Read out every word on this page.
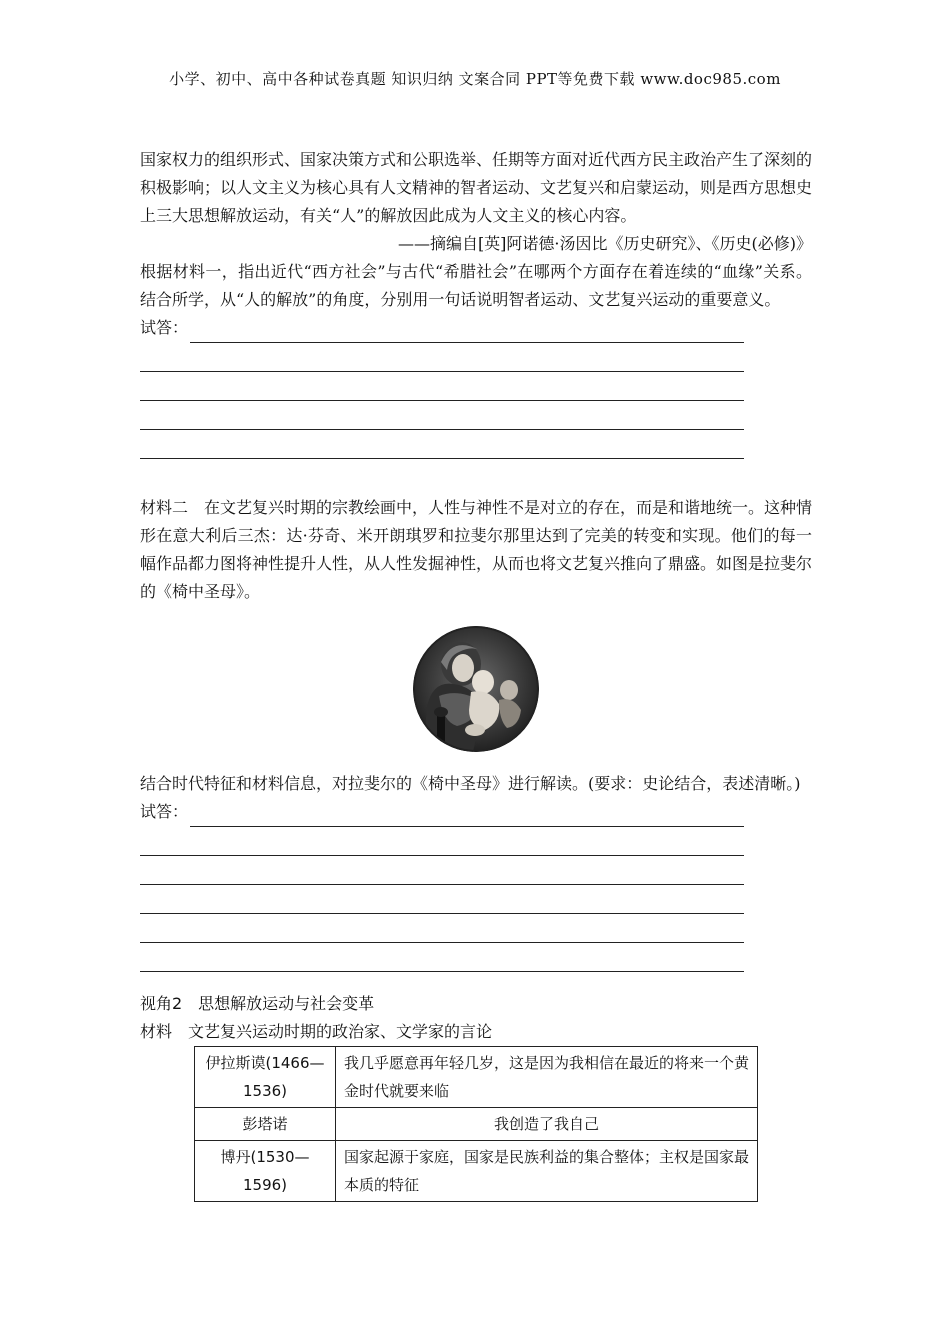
小学、初中、高中各种试卷真题 知识归纳 文案合同 PPT等免费下载 www.doc985.com

国家权力的组织形式、国家决策方式和公职选举、任期等方面对近代西方民主政治产生了深刻的积极影响；以人文主义为核心具有人文精神的智者运动、文艺复兴和启蒙运动，则是西方思想史上三大思想解放运动，有关“人”的解放因此成为人文主义的核心内容。

——摘编自[英]阿诺德·汤因比《历史研究》、《历史(必修)》

根据材料一，指出近代“西方社会”与古代“希腊社会”在哪两个方面存在着连续的“血缘”关系。结合所学，从“人的解放”的角度，分别用一句话说明智者运动、文艺复兴运动的重要意义。

试答：

材料二　在文艺复兴时期的宗教绘画中，人性与神性不是对立的存在，而是和谐地统一。这种情形在意大利后三杰：达·芬奇、米开朗琪罗和拉斐尔那里达到了完美的转变和实现。他们的每一幅作品都力图将神性提升人性，从人性发掘神性，从而也将文艺复兴推向了鼎盛。如图是拉斐尔的《椅中圣母》。

结合时代特征和材料信息，对拉斐尔的《椅中圣母》进行解读。(要求：史论结合，表述清晰。)

试答：

视角2　思想解放运动与社会变革

材料　文艺复兴运动时期的政治家、文学家的言论

伊拉斯谟(1466—1536)	我几乎愿意再年轻几岁，这是因为我相信在最近的将来一个黄金时代就要来临
彭塔诺	我创造了我自己
博丹(1530—1596)	国家起源于家庭，国家是民族利益的集合整体；主权是国家最本质的特征
